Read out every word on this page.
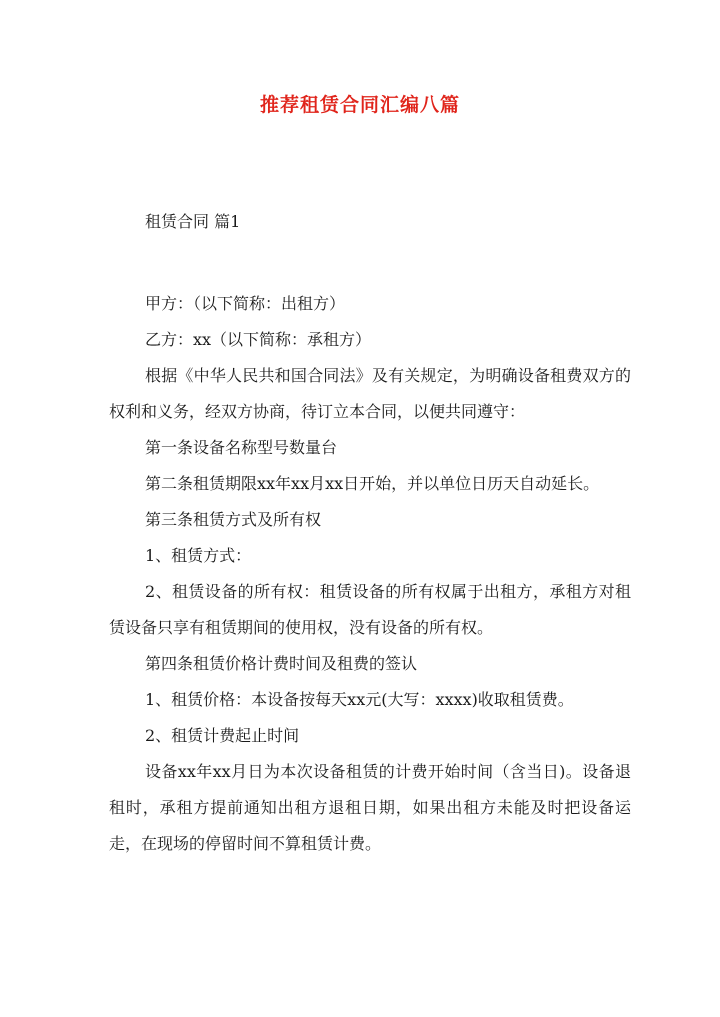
推荐租赁合同汇编八篇

租赁合同 篇1

甲方：（以下简称：出租方）

乙方：xx（以下简称：承租方）

根据《中华人民共和国合同法》及有关规定，为明确设备租费双方的权利和义务，经双方协商，待订立本合同，以便共同遵守：

第一条设备名称型号数量台

第二条租赁期限xx年xx月xx日开始，并以单位日历天自动延长。

第三条租赁方式及所有权

1、租赁方式：

2、租赁设备的所有权：租赁设备的所有权属于出租方，承租方对租赁设备只享有租赁期间的使用权，没有设备的所有权。

第四条租赁价格计费时间及租费的签认

1、租赁价格：本设备按每天xx元(大写：xxxx)收取租赁费。

2、租赁计费起止时间

设备xx年xx月日为本次设备租赁的计费开始时间（含当日)。设备退租时，承租方提前通知出租方退租日期，如果出租方未能及时把设备运走，在现场的停留时间不算租赁计费。
